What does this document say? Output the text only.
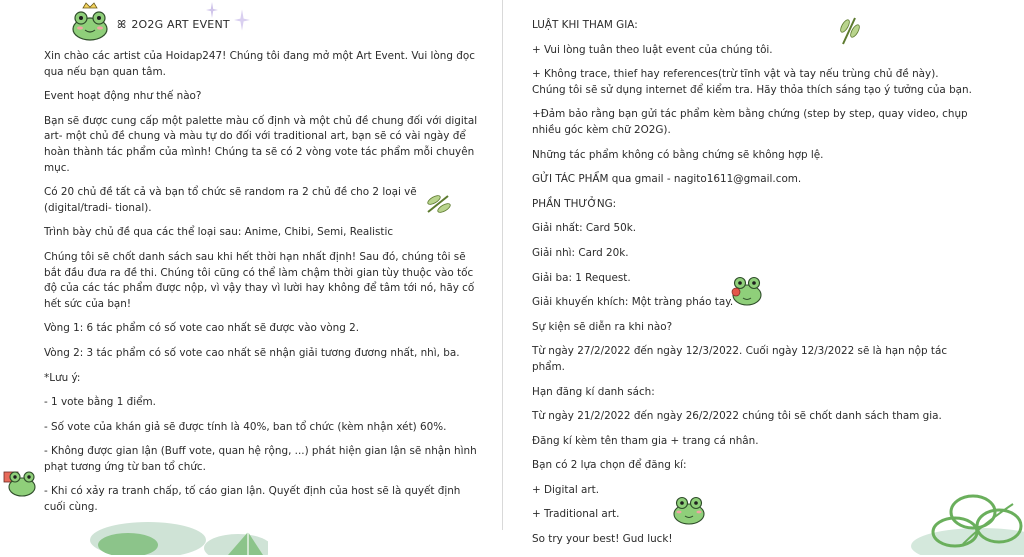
ꕤ 2O2G ART EVENT

Xin chào các artist của Hoidap247! Chúng tôi đang mở một Art Event. Vui lòng đọc qua nếu bạn quan tâm.

Event hoạt động như thế nào?

Bạn sẽ được cung cấp một palette màu cố định và một chủ đề chung đối với digital art- một chủ đề chung và màu tự do đối với traditional art, bạn sẽ có vài ngày để hoàn thành tác phẩm của mình! Chúng ta sẽ có 2 vòng vote tác phẩm mỗi chuyên mục.

Có 20 chủ đề tất cả và bạn tổ chức sẽ random ra 2 chủ đề cho 2 loại vẽ (digital/tradi- tional).

Trình bày chủ đề qua các thể loại sau: Anime, Chibi, Semi, Realistic

Chúng tôi sẽ chốt danh sách sau khi hết thời hạn nhất định! Sau đó, chúng tôi sẽ bắt đầu đưa ra đề thi. Chúng tôi cũng có thể làm chậm thời gian tùy thuộc vào tốc độ của các tác phẩm được nộp, vì vậy thay vì lười hay không để tâm tới nó, hãy cố hết sức của bạn!

Vòng 1: 6 tác phẩm có số vote cao nhất sẽ được vào vòng 2.

Vòng 2: 3 tác phẩm có số vote cao nhất sẽ nhận giải tương đương nhất, nhì, ba.

*Lưu ý:

- 1 vote bằng 1 điểm.

- Số vote của khán giả sẽ được tính là 40%, ban tổ chức (kèm nhận xét) 60%.

- Không được gian lận (Buff vote, quan hệ rộng, ...) phát hiện gian lận sẽ nhận hình phạt tương ứng từ ban tổ chức.

- Khi có xảy ra tranh chấp, tố cáo gian lận. Quyết định của host sẽ là quyết định cuối cùng.

LUẬT KHI THAM GIA:

+ Vui lòng tuân theo luật event của chúng tôi.

+ Không trace, thief hay references(trừ tĩnh vật và tay nếu trùng chủ đề này). Chúng tôi sẽ sử dụng internet để kiểm tra. Hãy thỏa thích sáng tạo ý tưởng của bạn.

+Đảm bảo rằng bạn gửi tác phẩm kèm bằng chứng (step by step, quay video, chụp nhiều góc kèm chữ 2O2G).

Những tác phẩm không có bằng chứng sẽ không hợp lệ.

GỬI TÁC PHẨM qua gmail - nagito1611@gmail.com.

PHẦN THƯỞNG:

Giải nhất: Card 50k.

Giải nhì: Card 20k.

Giải ba: 1 Request.

Giải khuyến khích: Một tràng pháo tay.

Sự kiện sẽ diễn ra khi nào?

Từ ngày 27/2/2022 đến ngày 12/3/2022. Cuối ngày 12/3/2022 sẽ là hạn nộp tác phẩm.

Hạn đăng kí danh sách:

Từ ngày 21/2/2022 đến ngày 26/2/2022 chúng tôi sẽ chốt danh sách tham gia.

Đăng kí kèm tên tham gia + trang cá nhân.

Bạn có 2 lựa chọn để đăng kí:

+ Digital art.

+ Traditional art.

So try your best! Gud luck!
